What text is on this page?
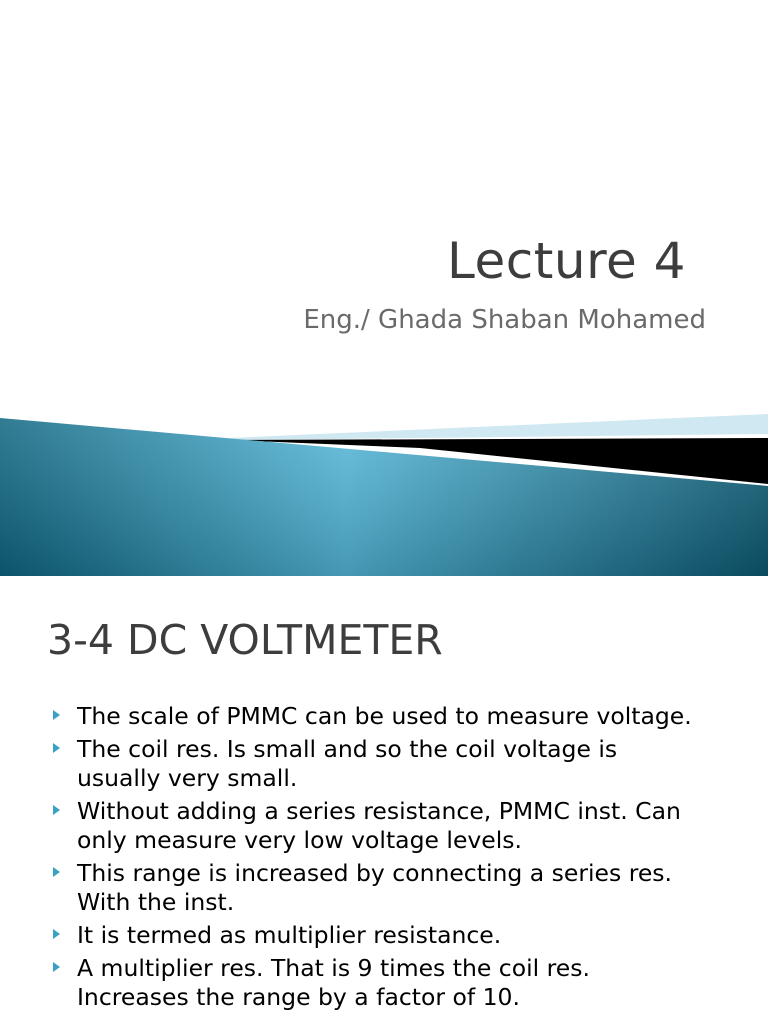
Lecture 4
Eng./ Ghada Shaban Mohamed
3-4 DC VOLTMETER
The scale of PMMC can be used to measure voltage.
The coil res. Is small and so the coil voltage is usually very small.
Without adding a series resistance, PMMC inst. Can only measure very low voltage levels.
This range is increased by connecting a series res. With the inst.
It is termed as multiplier resistance.
A multiplier res. That is 9 times the coil res. Increases the range by a factor of 10.
